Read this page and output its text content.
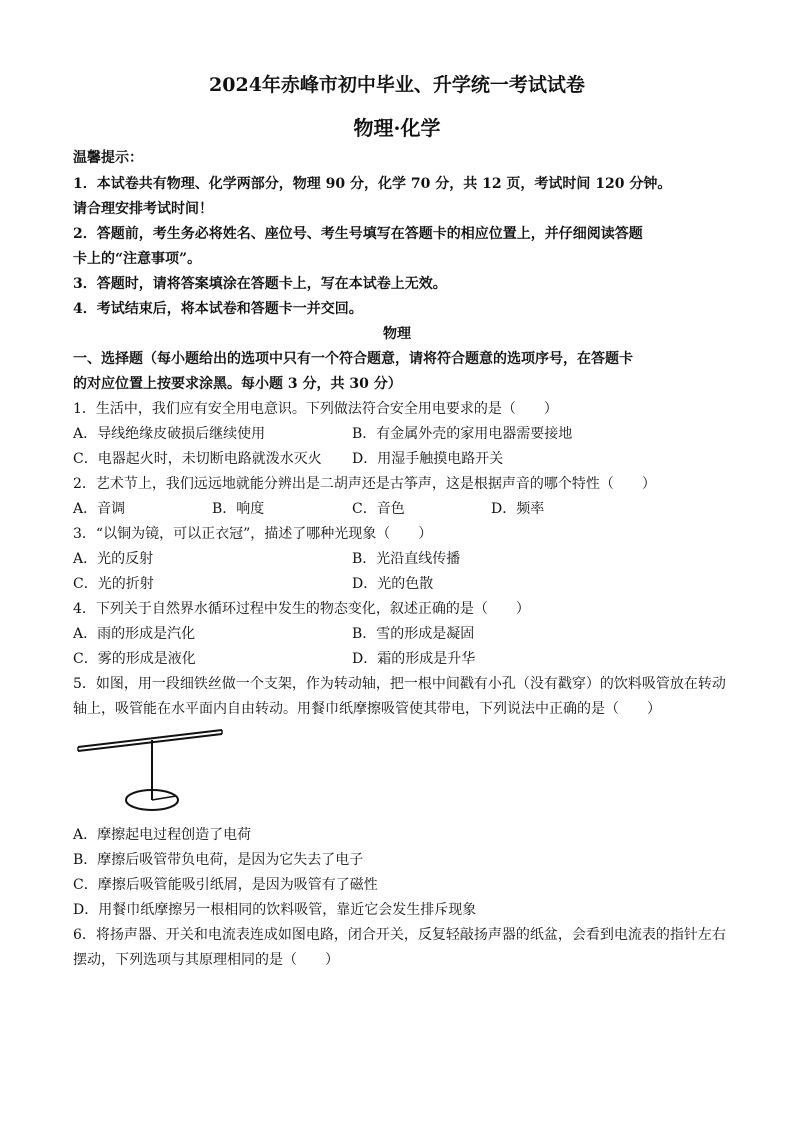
2024年赤峰市初中毕业、升学统一考试试卷
物理·化学
温馨提示：
1．本试卷共有物理、化学两部分，物理 90 分，化学 70 分，共 12 页，考试时间 120 分钟。
请合理安排考试时间！
2．答题前，考生务必将姓名、座位号、考生号填写在答题卡的相应位置上，并仔细阅读答题
卡上的“注意事项”。
3．答题时，请将答案填涂在答题卡上，写在本试卷上无效。
4．考试结束后，将本试卷和答题卡一并交回。
物理
一、选择题（每小题给出的选项中只有一个符合题意，请将符合题意的选项序号，在答题卡
的对应位置上按要求涂黑。每小题 3 分，共 30 分）
1．生活中，我们应有安全用电意识。下列做法符合安全用电要求的是（　　）
A．导线绝缘皮破损后继续使用	B．有金属外壳的家用电器需要接地
C．电器起火时，未切断电路就泼水灭火 D．用湿手触摸电路开关
2．艺术节上，我们远远地就能分辨出是二胡声还是古筝声，这是根据声音的哪个特性（　　）
A．音调	B．响度	C．音色	D．频率
3．“以铜为镜，可以正衣冠”，描述了哪种光现象（　　）
A．光的反射	B．光沿直线传播
C．光的折射	D．光的色散
4．下列关于自然界水循环过程中发生的物态变化，叙述正确的是（　　）
A．雨的形成是汽化	B．雪的形成是凝固
C．雾的形成是液化	D．霜的形成是升华
5．如图，用一段细铁丝做一个支架，作为转动轴，把一根中间戳有小孔（没有戳穿）的饮料吸管放在转动
轴上，吸管能在水平面内自由转动。用餐巾纸摩擦吸管使其带电，下列说法中正确的是（　　）
A．摩擦起电过程创造了电荷
B．摩擦后吸管带负电荷，是因为它失去了电子
C．摩擦后吸管能吸引纸屑，是因为吸管有了磁性
D．用餐巾纸摩擦另一根相同的饮料吸管，靠近它会发生排斥现象
6．将扬声器、开关和电流表连成如图电路，闭合开关，反复轻敲扬声器的纸盆，会看到电流表的指针左右
摆动，下列选项与其原理相同的是（　　）
